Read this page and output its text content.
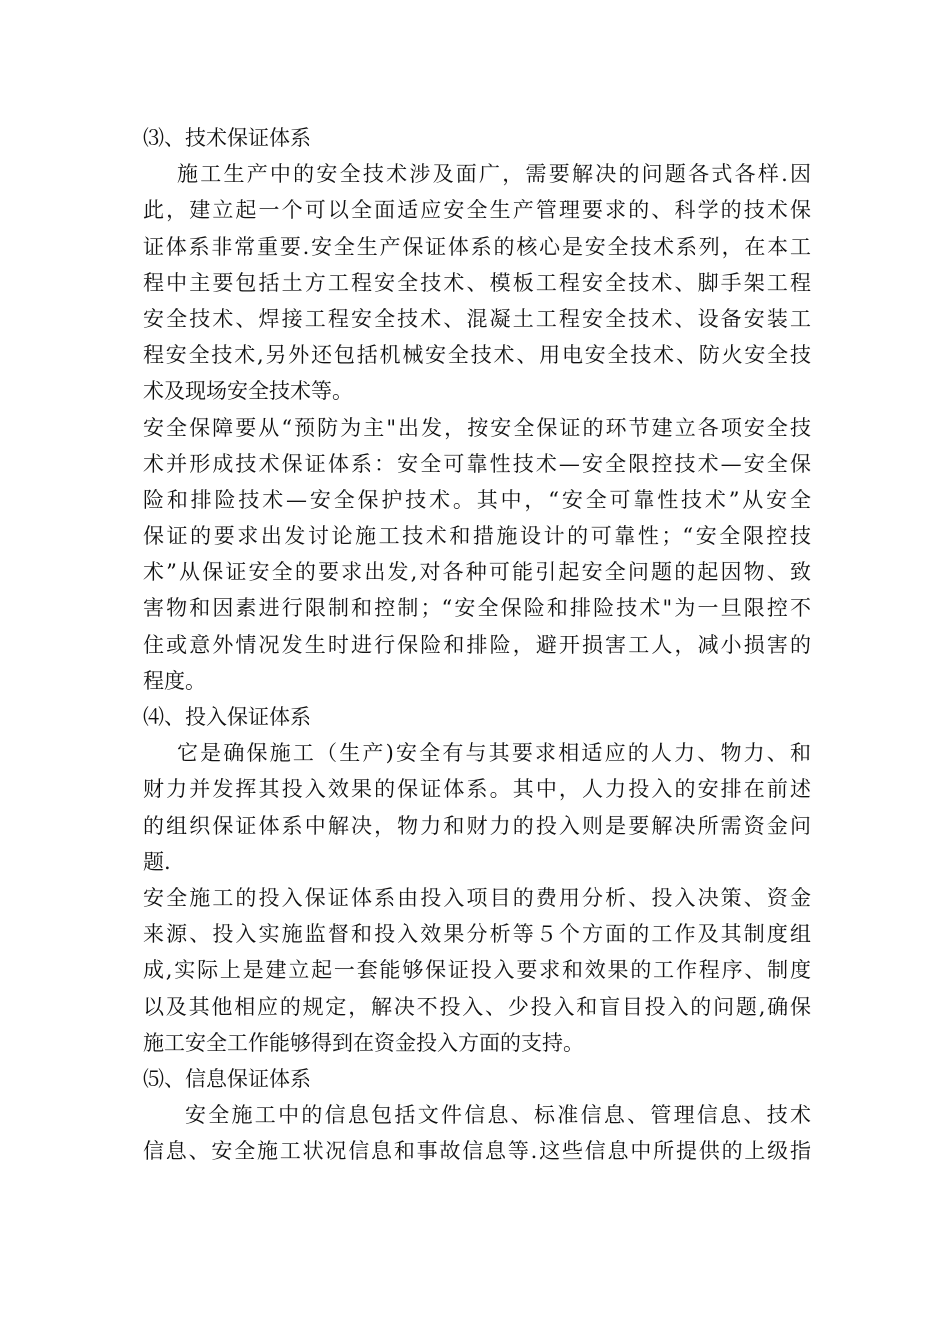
⑶、技术保证体系
施工生产中的安全技术涉及面广，需要解决的问题各式各样.因
此，建立起一个可以全面适应安全生产管理要求的、科学的技术保
证体系非常重要.安全生产保证体系的核心是安全技术系列，在本工
程中主要包括土方工程安全技术、模板工程安全技术、脚手架工程
安全技术、焊接工程安全技术、混凝土工程安全技术、设备安装工
程安全技术,另外还包括机械安全技术、用电安全技术、防火安全技
术及现场安全技术等。
安全保障要从“预防为主"出发，按安全保证的环节建立各项安全技
术并形成技术保证体系：安全可靠性技术—安全限控技术—安全保
险和排险技术—安全保护技术。其中，“安全可靠性技术”从安全
保证的要求出发讨论施工技术和措施设计的可靠性；“安全限控技
术”从保证安全的要求出发,对各种可能引起安全问题的起因物、致
害物和因素进行限制和控制；“安全保险和排险技术"为一旦限控不
住或意外情况发生时进行保险和排险，避开损害工人，减小损害的
程度。
⑷、投入保证体系
它是确保施工（生产)安全有与其要求相适应的人力、物力、和
财力并发挥其投入效果的保证体系。其中，人力投入的安排在前述
的组织保证体系中解决，物力和财力的投入则是要解决所需资金问
题.
安全施工的投入保证体系由投入项目的费用分析、投入决策、资金
来源、投入实施监督和投入效果分析等５个方面的工作及其制度组
成,实际上是建立起一套能够保证投入要求和效果的工作程序、制度
以及其他相应的规定，解决不投入、少投入和盲目投入的问题,确保
施工安全工作能够得到在资金投入方面的支持。
⑸、信息保证体系
安全施工中的信息包括文件信息、标准信息、管理信息、技术
信息、安全施工状况信息和事故信息等.这些信息中所提供的上级指
